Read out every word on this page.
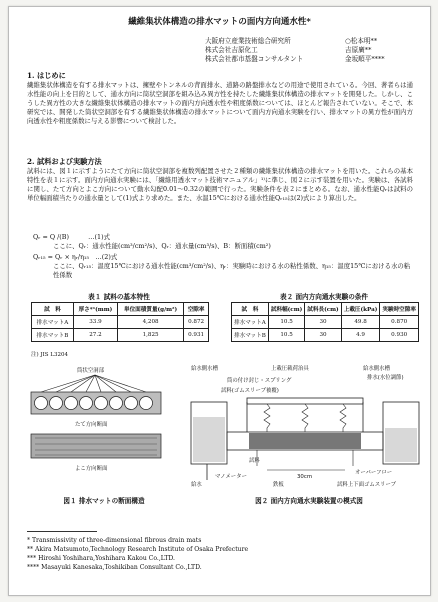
繊維集状体構造の排水マットの面内方向通水性*
大阪府立産業技術総合研究所	○松本明**
株式会社吉原化工	吉原廣**
株式会社都市基盤コンサルタント	金坂順平****
1. はじめに
繊維集状体構造を有する排水マットは、擁壁やトンネルの背面排水、道路の路盤排水などの用途で使用されている。今回、著者らは通水性能の向上を目的として、通水方向に筒状空洞部を組み込み異方性を持たした繊維集状体構造の排水マットを開発した。しかし、こうした異方性の大きな繊維集状体構造の排水マットの面内方向透水性や粗度係数については、ほとんど報告されていない。そこで、本研究では、開発した筒状空洞部を有する繊維集状体構造の排水マットについて面内方向通水実験を行い、排水マットの異方性が面内方向透水性や粗度係数に与える影響について検討した。
2. 試料および実験方法
試料には、図１に示すようにたて方向に筒状空洞部を複数列配置させた２種類の繊維集状体構造の排水マットを用いた。これらの基本特性を表１に示す。面内方向通水実験には、「繊維用透水マット技術マニュアル」¹⁾に準じ、図２に示す装置を用いた。実験は、各試料に関し、たて方向とよこ方向について動水勾配0.01～0.32の範囲で行った。実験条件を表２にまとめる。なお、通水性能Qᵣは試料の単位幅面積当たりの通水量として(1)式より求めた。また、水温15℃における通水性能Qᵣ₁₅は(2)式により算出した。
Qᵣ = Q /(B)　　　…(1)式
ここに、Qᵣ：通水性能(cm³/cm²/s)、Qᵣ：通水量(cm³/s)、B：断面積(cm²)
Qᵣ₁₅ = Qᵣ × ηᵣ/η₁₅　…(2)式
ここに、Qᵣ₁₅：温度15℃における通水性能(cm³/cm²/s)、ηᵣ：実験時における水の粘性係数、η₁₅：温度15℃における水の粘性係数
表１ 試料の基本特性
試　料	厚さ*¹(mm)	単位面積質量(g/m²)	空隙率
排水マットA	33.9	4,208	0.872
排水マットB	27.2	1,825	0.931
注) JIS L3204
表２ 面内方向通水実験の条件
試　料	試料幅(cm)	試料長(cm)	上載圧(kPa)	実験時空隙率
排水マットA	10.5	30	49.8	0.870
排水マットB	10.5	30	4.9	0.930
筒状空洞部
たて方向断面
よこ方向断面
図１ 排水マットの断面構造
給水側水槽	上載圧載荷治具	給水側水槽
排水(水位調節)
筒の付け封じ・スプリング
試料(ゴムスリーブ被覆)
試料
30cm
給水
マノメーター
鉄板
オーバーフロー
試料上下面ゴムスリーブ
図２ 面内方向通水実験装置の模式図
* Transmissivity of three-dimensional fibrous drain mats
** Akira Matsumoto,Technology Research Institute of Osaka Prefecture
*** Hiroshi Yoshihara,Yoshihara Kakou Co.,LTD.
**** Masayuki Kanesaka,Toshikiban Consultant Co.,LTD.
